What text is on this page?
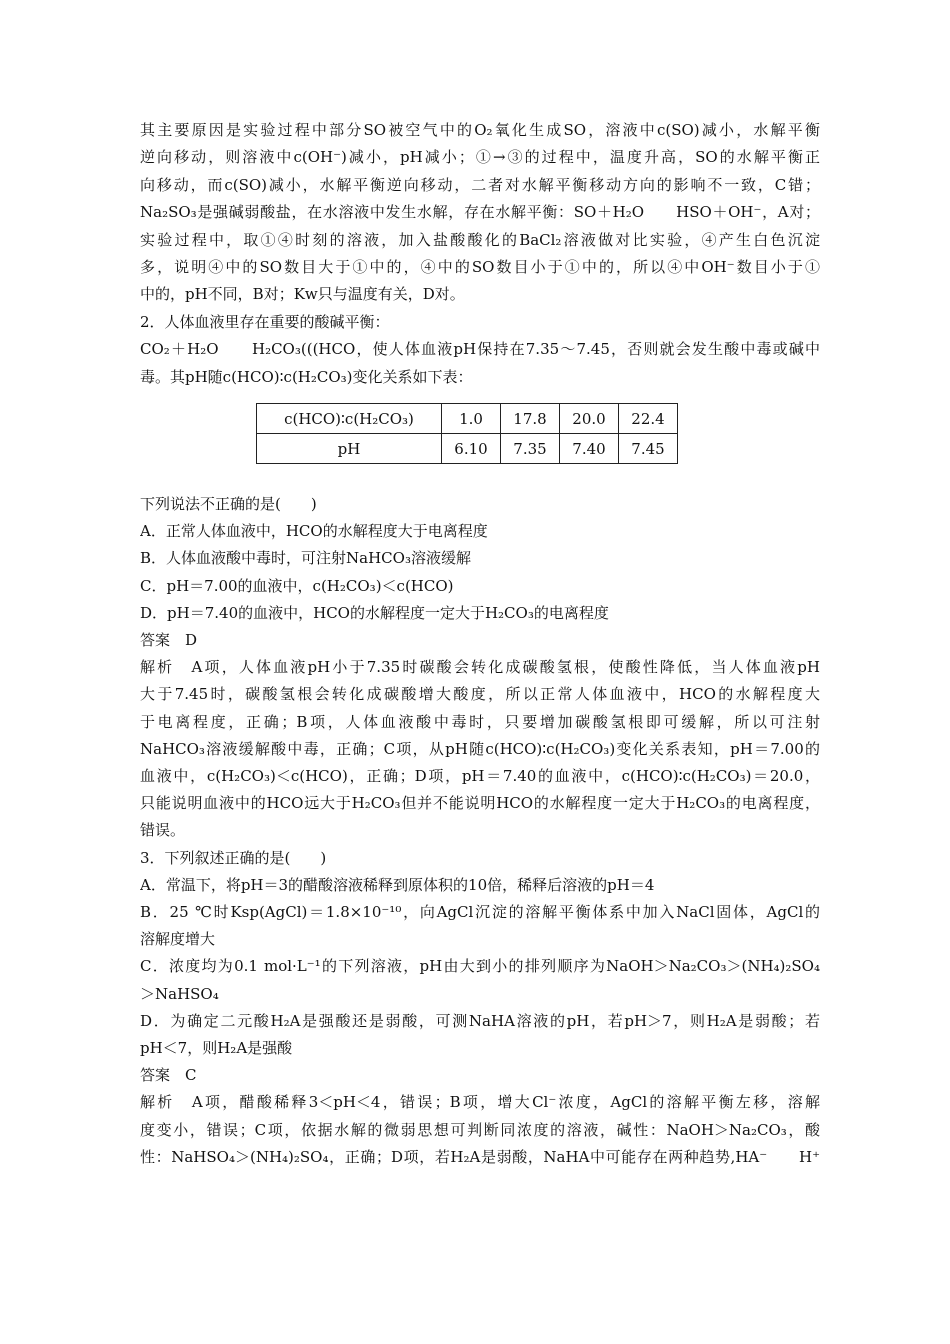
其主要原因是实验过程中部分SO被空气中的O₂氧化生成SO，溶液中c(SO)减小，水解平衡
逆向移动，则溶液中c(OH⁻)减小，pH减小；①→③的过程中，温度升高，SO的水解平衡正
向移动，而c(SO)减小，水解平衡逆向移动，二者对水解平衡移动方向的影响不一致，C错；
Na₂SO₃是强碱弱酸盐，在水溶液中发生水解，存在水解平衡：SO＋H₂O　　HSO＋OH⁻，A对；
实验过程中，取①④时刻的溶液，加入盐酸酸化的BaCl₂溶液做对比实验，④产生白色沉淀
多，说明④中的SO数目大于①中的，④中的SO数目小于①中的，所以④中OH⁻数目小于①
中的，pH不同，B对；Kw只与温度有关，D对。
2．人体血液里存在重要的酸碱平衡：
CO₂＋H₂O　　H₂CO₃(((HCO，使人体血液pH保持在7.35～7.45，否则就会发生酸中毒或碱中
毒。其pH随c(HCO)∶c(H₂CO₃)变化关系如下表：
c(HCO)∶c(H₂CO₃)	1.0	17.8	20.0	22.4
pH	6.10	7.35	7.40	7.45
下列说法不正确的是(　　)
A．正常人体血液中，HCO的水解程度大于电离程度
B．人体血液酸中毒时，可注射NaHCO₃溶液缓解
C．pH＝7.00的血液中，c(H₂CO₃)＜c(HCO)
D．pH＝7.40的血液中，HCO的水解程度一定大于H₂CO₃的电离程度
答案　D
解析　A项，人体血液pH小于7.35时碳酸会转化成碳酸氢根，使酸性降低，当人体血液pH
大于7.45时，碳酸氢根会转化成碳酸增大酸度，所以正常人体血液中，HCO的水解程度大
于电离程度，正确；B项，人体血液酸中毒时，只要增加碳酸氢根即可缓解，所以可注射
NaHCO₃溶液缓解酸中毒，正确；C项，从pH随c(HCO)∶c(H₂CO₃)变化关系表知，pH＝7.00的
血液中，c(H₂CO₃)＜c(HCO)，正确；D项，pH＝7.40的血液中，c(HCO)∶c(H₂CO₃)＝20.0，
只能说明血液中的HCO远大于H₂CO₃但并不能说明HCO的水解程度一定大于H₂CO₃的电离程度，
错误。
3．下列叙述正确的是(　　)
A．常温下，将pH＝3的醋酸溶液稀释到原体积的10倍，稀释后溶液的pH＝4
B．25 ℃时Ksp(AgCl)＝1.8×10⁻¹⁰，向AgCl沉淀的溶解平衡体系中加入NaCl固体，AgCl的
溶解度增大
C．浓度均为0.1 mol·L⁻¹的下列溶液，pH由大到小的排列顺序为NaOH＞Na₂CO₃＞(NH₄)₂SO₄
＞NaHSO₄
D．为确定二元酸H₂A是强酸还是弱酸，可测NaHA溶液的pH，若pH＞7，则H₂A是弱酸；若
pH＜7，则H₂A是强酸
答案　C
解析　A项，醋酸稀释3＜pH＜4，错误；B项，增大Cl⁻浓度，AgCl的溶解平衡左移，溶解
度变小，错误；C项，依据水解的微弱思想可判断同浓度的溶液，碱性：NaOH＞Na₂CO₃，酸
性：NaHSO₄＞(NH₄)₂SO₄，正确；D项，若H₂A是弱酸，NaHA中可能存在两种趋势,HA⁻　　H⁺
